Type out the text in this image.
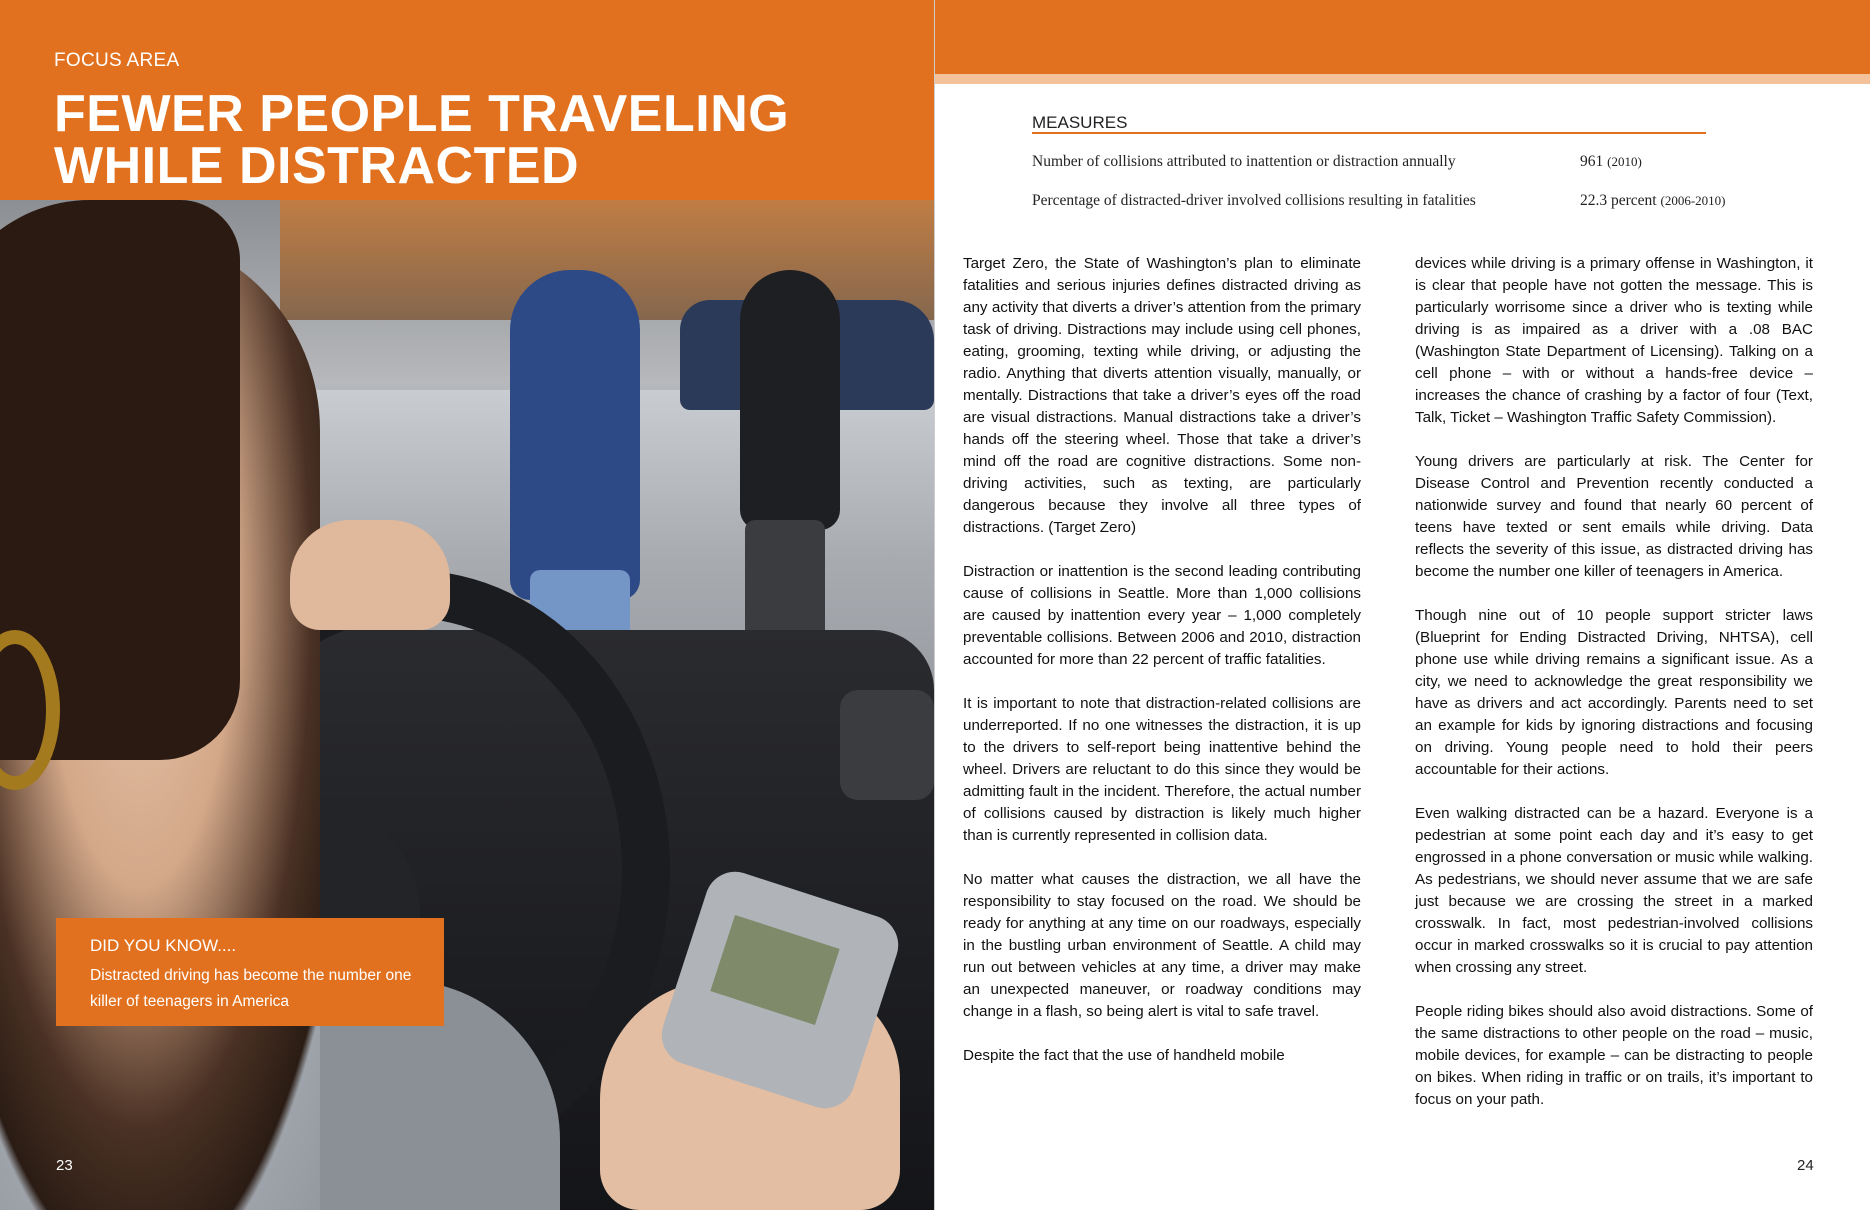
FOCUS AREA
FEWER PEOPLE TRAVELING
WHILE DISTRACTED
DID YOU KNOW....
Distracted driving has become the number one killer of teenagers in America
23
MEASURES
Number of collisions attributed to inattention or distraction annually	961 (2010)
Percentage of distracted-driver involved collisions resulting in fatalities	22.3 percent (2006-2010)

Target Zero, the State of Washington’s plan to eliminate fatalities and serious injuries defines distracted driving as any activity that diverts a driver’s attention from the primary task of driving. Distractions may include using cell phones, eating, grooming, texting while driving, or adjusting the radio. Anything that diverts attention visually, manually, or mentally. Distractions that take a driver’s eyes off the road are visual distractions. Manual distractions take a driver’s hands off the steering wheel. Those that take a driver’s mind off the road are cognitive distractions. Some non-driving activities, such as texting, are particularly dangerous because they involve all three types of distractions. (Target Zero)

Distraction or inattention is the second leading contributing cause of collisions in Seattle. More than 1,000 collisions are caused by inattention every year – 1,000 completely preventable collisions. Between 2006 and 2010, distraction accounted for more than 22 percent of traffic fatalities.

It is important to note that distraction-related collisions are underreported. If no one witnesses the distraction, it is up to the drivers to self-report being inattentive behind the wheel. Drivers are reluctant to do this since they would be admitting fault in the incident. Therefore, the actual number of collisions caused by distraction is likely much higher than is currently represented in collision data.

No matter what causes the distraction, we all have the responsibility to stay focused on the road. We should be ready for anything at any time on our roadways, especially in the bustling urban environment of Seattle. A child may run out between vehicles at any time, a driver may make an unexpected maneuver, or roadway conditions may change in a flash, so being alert is vital to safe travel.

Despite the fact that the use of handheld mobile

devices while driving is a primary offense in Washington, it is clear that people have not gotten the message. This is particularly worrisome since a driver who is texting while driving is as impaired as a driver with a .08 BAC (Washington State Department of Licensing). Talking on a cell phone – with or without a hands-free device – increases the chance of crashing by a factor of four (Text, Talk, Ticket – Washington Traffic Safety Commission).

Young drivers are particularly at risk. The Center for Disease Control and Prevention recently conducted a nationwide survey and found that nearly 60 percent of teens have texted or sent emails while driving. Data reflects the severity of this issue, as distracted driving has become the number one killer of teenagers in America.

Though nine out of 10 people support stricter laws (Blueprint for Ending Distracted Driving, NHTSA), cell phone use while driving remains a significant issue. As a city, we need to acknowledge the great responsibility we have as drivers and act accordingly. Parents need to set an example for kids by ignoring distractions and focusing on driving. Young people need to hold their peers accountable for their actions.

Even walking distracted can be a hazard. Everyone is a pedestrian at some point each day and it’s easy to get engrossed in a phone conversation or music while walking. As pedestrians, we should never assume that we are safe just because we are crossing the street in a marked crosswalk. In fact, most pedestrian-involved collisions occur in marked crosswalks so it is crucial to pay attention when crossing any street.

People riding bikes should also avoid distractions. Some of the same distractions to other people on the road – music, mobile devices, for example – can be distracting to people on bikes. When riding in traffic or on trails, it’s important to focus on your path.

24
